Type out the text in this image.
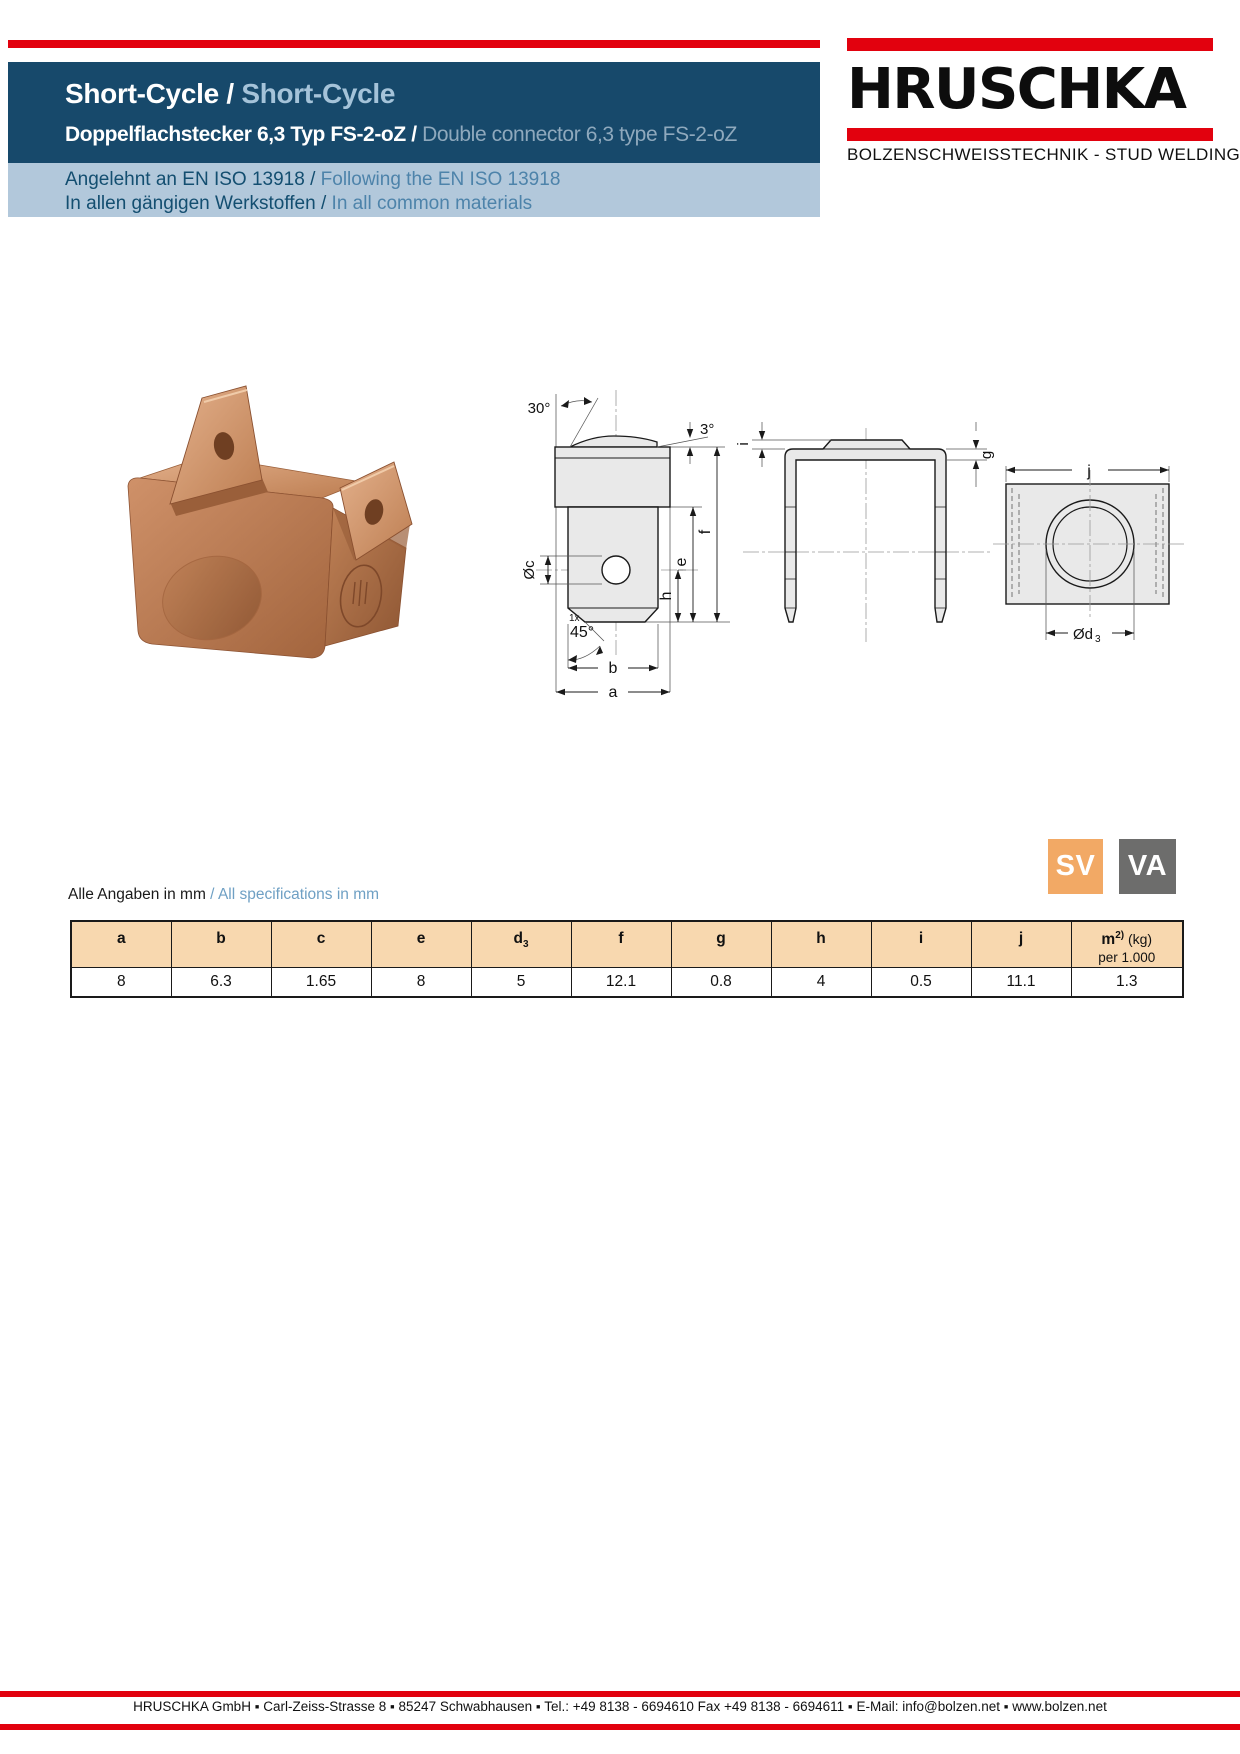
Short-Cycle / Short-Cycle
Doppelflachstecker 6,3 Typ FS-2-oZ / Double connector 6,3 type FS-2-oZ
Angelehnt an EN ISO 13918 / Following the EN ISO 13918
In allen gängigen Werkstoffen / In all common materials
HRUSCHKA
BOLZENSCHWEISSTECHNIK - STUD WELDING
30°
3°
Øc
1x
45°
b
a
h
e
f
i
g
j
Ød 3
SV	VA
Alle Angaben in mm / All specifications in mm
a	b	c	e	$d_3$	f	g	h	i	j	$m^{2)}$ (kg)
per 1.000

8	6.3	1.65	8	5	12.1	0.8	4	0.5	11.1	1.3
HRUSCHKA GmbH ▪ Carl-Zeiss-Strasse 8 ▪ 85247 Schwabhausen ▪ Tel.: +49 8138 - 6694610 Fax +49 8138 - 6694611 ▪ E-Mail: info@bolzen.net ▪ www.bolzen.net
